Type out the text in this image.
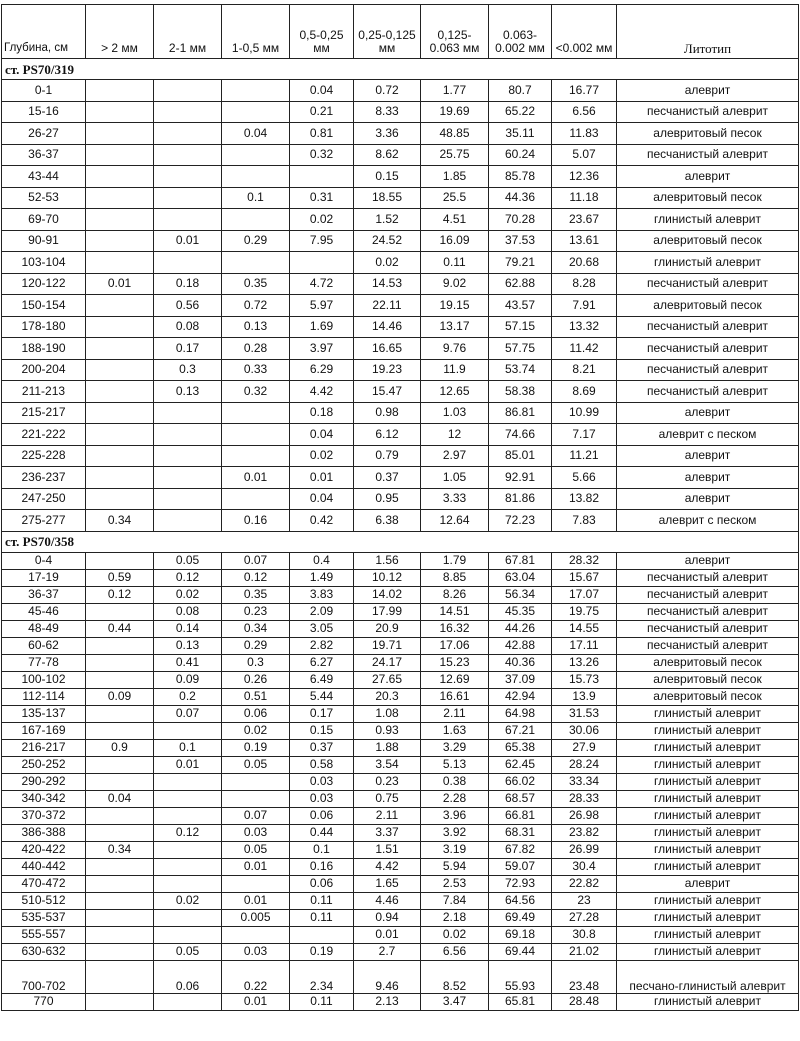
Глубина, см	> 2 мм	2-1 мм	1-0,5 мм	0,5-0,25 мм	0,25-0,125 мм	0,125-0.063 мм	0.063-0.002 мм	<0.002 мм	Литотип
ст. PS70/319									
0-1				0.04	0.72	1.77	80.7	16.77	алеврит
15-16				0.21	8.33	19.69	65.22	6.56	песчанистый алеврит
26-27			0.04	0.81	3.36	48.85	35.11	11.83	алевритовый песок
36-37				0.32	8.62	25.75	60.24	5.07	песчанистый алеврит
43-44					0.15	1.85	85.78	12.36	алеврит
52-53			0.1	0.31	18.55	25.5	44.36	11.18	алевритовый песок
69-70				0.02	1.52	4.51	70.28	23.67	глинистый алеврит
90-91		0.01	0.29	7.95	24.52	16.09	37.53	13.61	алевритовый песок
103-104					0.02	0.11	79.21	20.68	глинистый алеврит
120-122	0.01	0.18	0.35	4.72	14.53	9.02	62.88	8.28	песчанистый алеврит
150-154		0.56	0.72	5.97	22.11	19.15	43.57	7.91	алевритовый песок
178-180		0.08	0.13	1.69	14.46	13.17	57.15	13.32	песчанистый алеврит
188-190		0.17	0.28	3.97	16.65	9.76	57.75	11.42	песчанистый алеврит
200-204		0.3	0.33	6.29	19.23	11.9	53.74	8.21	песчанистый алеврит
211-213		0.13	0.32	4.42	15.47	12.65	58.38	8.69	песчанистый алеврит
215-217				0.18	0.98	1.03	86.81	10.99	алеврит
221-222				0.04	6.12	12	74.66	7.17	алеврит с песком
225-228				0.02	0.79	2.97	85.01	11.21	алеврит
236-237			0.01	0.01	0.37	1.05	92.91	5.66	алеврит
247-250				0.04	0.95	3.33	81.86	13.82	алеврит
275-277	0.34		0.16	0.42	6.38	12.64	72.23	7.83	алеврит с песком
ст. PS70/358									
0-4		0.05	0.07	0.4	1.56	1.79	67.81	28.32	алеврит
17-19	0.59	0.12	0.12	1.49	10.12	8.85	63.04	15.67	песчанистый алеврит
36-37	0.12	0.02	0.35	3.83	14.02	8.26	56.34	17.07	песчанистый алеврит
45-46		0.08	0.23	2.09	17.99	14.51	45.35	19.75	песчанистый алеврит
48-49	0.44	0.14	0.34	3.05	20.9	16.32	44.26	14.55	песчанистый алеврит
60-62		0.13	0.29	2.82	19.71	17.06	42.88	17.11	песчанистый алеврит
77-78		0.41	0.3	6.27	24.17	15.23	40.36	13.26	алевритовый песок
100-102		0.09	0.26	6.49	27.65	12.69	37.09	15.73	алевритовый песок
112-114	0.09	0.2	0.51	5.44	20.3	16.61	42.94	13.9	алевритовый песок
135-137		0.07	0.06	0.17	1.08	2.11	64.98	31.53	глинистый алеврит
167-169			0.02	0.15	0.93	1.63	67.21	30.06	глинистый алеврит
216-217	0.9	0.1	0.19	0.37	1.88	3.29	65.38	27.9	глинистый алеврит
250-252		0.01	0.05	0.58	3.54	5.13	62.45	28.24	глинистый алеврит
290-292				0.03	0.23	0.38	66.02	33.34	глинистый алеврит
340-342	0.04			0.03	0.75	2.28	68.57	28.33	глинистый алеврит
370-372			0.07	0.06	2.11	3.96	66.81	26.98	глинистый алеврит
386-388		0.12	0.03	0.44	3.37	3.92	68.31	23.82	глинистый алеврит
420-422	0.34		0.05	0.1	1.51	3.19	67.82	26.99	глинистый алеврит
440-442			0.01	0.16	4.42	5.94	59.07	30.4	глинистый алеврит
470-472				0.06	1.65	2.53	72.93	22.82	алеврит
510-512		0.02	0.01	0.11	4.46	7.84	64.56	23	глинистый алеврит
535-537			0.005	0.11	0.94	2.18	69.49	27.28	глинистый алеврит
555-557					0.01	0.02	69.18	30.8	глинистый алеврит
630-632		0.05	0.03	0.19	2.7	6.56	69.44	21.02	глинистый алеврит
700-702		0.06	0.22	2.34	9.46	8.52	55.93	23.48	песчано-глинистый алеврит
770			0.01	0.11	2.13	3.47	65.81	28.48	глинистый алеврит
